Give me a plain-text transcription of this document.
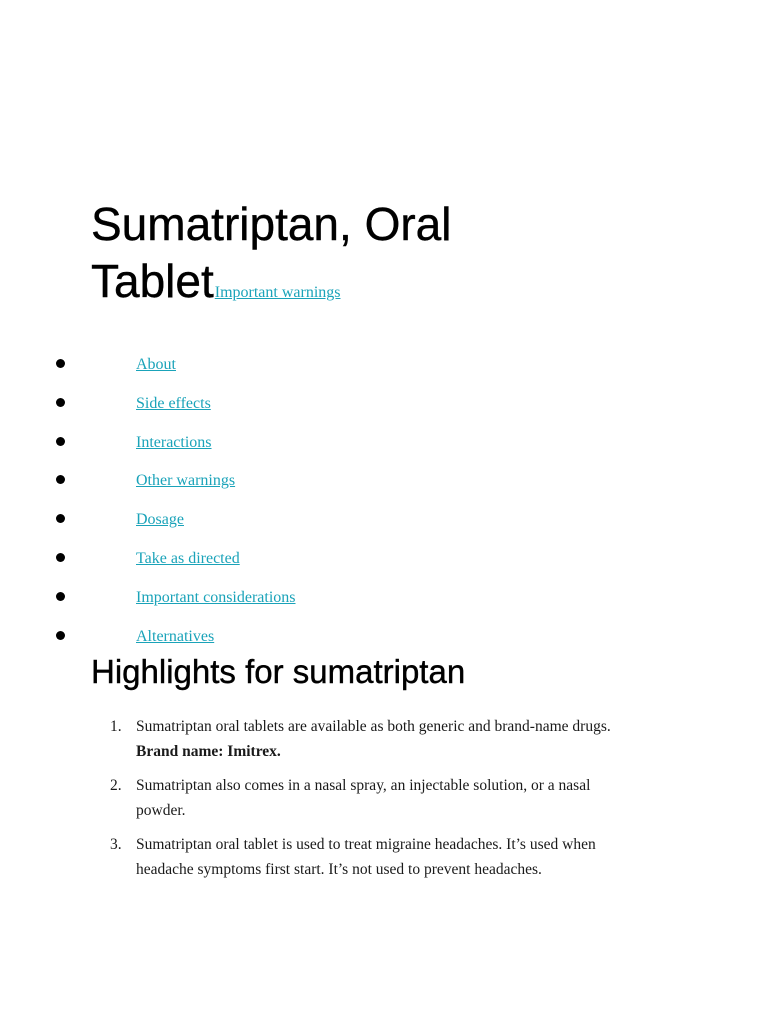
Sumatriptan, Oral
TabletImportant warnings
About
Side effects
Interactions
Other warnings
Dosage
Take as directed
Important considerations
Alternatives
Highlights for sumatriptan
1. Sumatriptan oral tablets are available as both generic and brand-name drugs. Brand name: Imitrex.
2. Sumatriptan also comes in a nasal spray, an injectable solution, or a nasal powder.
3. Sumatriptan oral tablet is used to treat migraine headaches. It’s used when headache symptoms first start. It’s not used to prevent headaches.
